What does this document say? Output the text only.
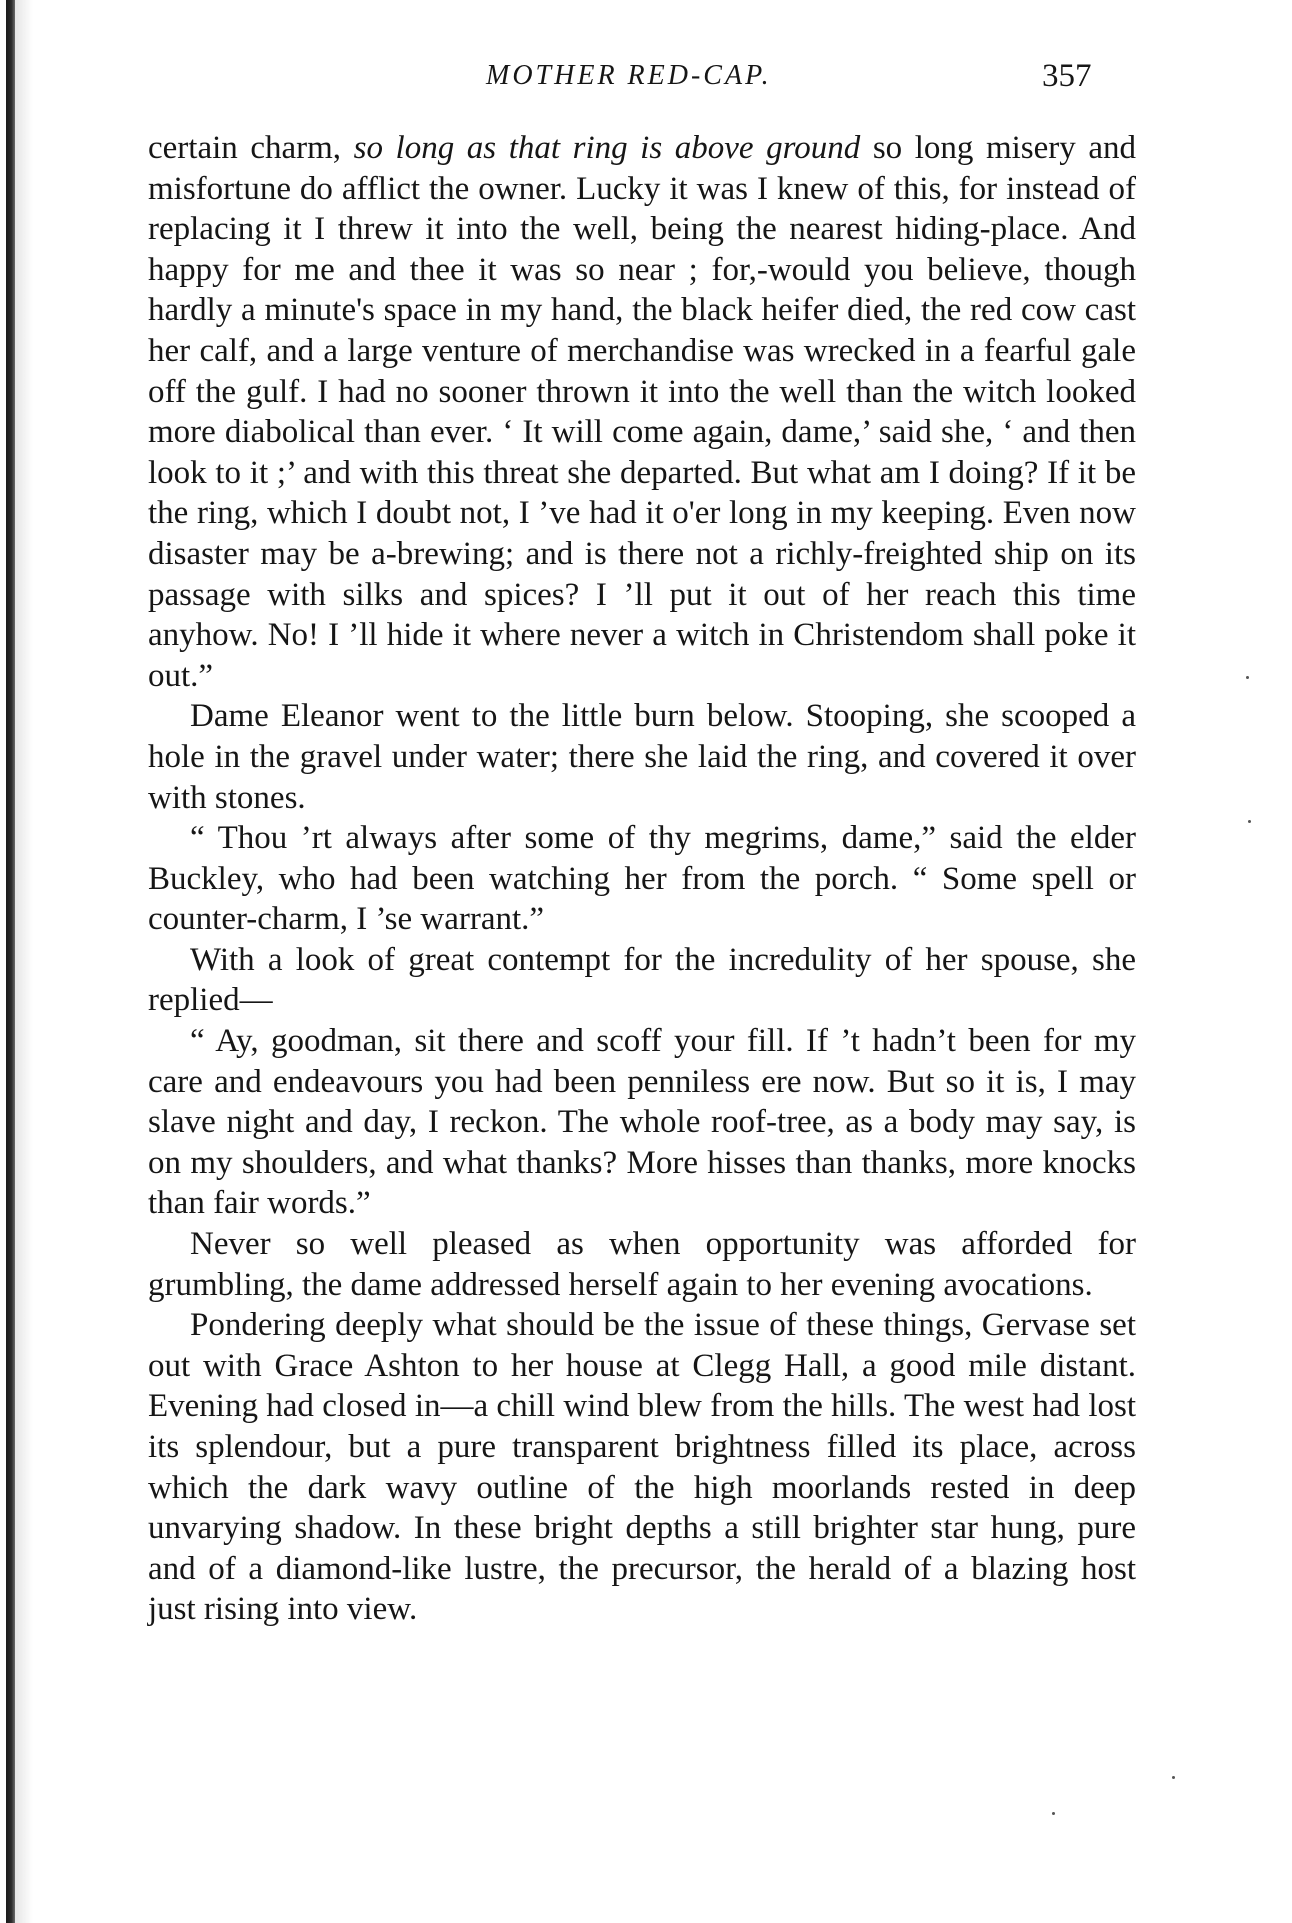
MOTHER RED-CAP.	357

certain charm, so long as that ring is above ground so long misery and misfortune do afflict the owner. Lucky it was I knew of this, for instead of replacing it I threw it into the well, being the nearest hiding-place. And happy for me and thee it was so near ; for,-would you believe, though hardly a minute's space in my hand, the black heifer died, the red cow cast her calf, and a large venture of merchandise was wrecked in a fearful gale off the gulf. I had no sooner thrown it into the well than the witch looked more diabolical than ever. ‘ It will come again, dame,’ said she, ‘ and then look to it ;’ and with this threat she departed. But what am I doing? If it be the ring, which I doubt not, I ’ve had it o'er long in my keeping. Even now disaster may be a-brewing; and is there not a richly-freighted ship on its passage with silks and spices? I ’ll put it out of her reach this time anyhow. No! I ’ll hide it where never a witch in Christendom shall poke it out.”

Dame Eleanor went to the little burn below. Stooping, she scooped a hole in the gravel under water; there she laid the ring, and covered it over with stones.

“ Thou ’rt always after some of thy megrims, dame,” said the elder Buckley, who had been watching her from the porch. “ Some spell or counter-charm, I ’se warrant.”

With a look of great contempt for the incredulity of her spouse, she replied—

“ Ay, goodman, sit there and scoff your fill. If ’t hadn’t been for my care and endeavours you had been penniless ere now. But so it is, I may slave night and day, I reckon. The whole roof-tree, as a body may say, is on my shoulders, and what thanks? More hisses than thanks, more knocks than fair words.”

Never so well pleased as when opportunity was afforded for grumbling, the dame addressed herself again to her evening avocations.

Pondering deeply what should be the issue of these things, Gervase set out with Grace Ashton to her house at Clegg Hall, a good mile distant. Evening had closed in—a chill wind blew from the hills. The west had lost its splendour, but a pure transparent brightness filled its place, across which the dark wavy outline of the high moorlands rested in deep unvarying shadow. In these bright depths a still brighter star hung, pure and of a diamond-like lustre, the precursor, the herald of a blazing host just rising into view.
